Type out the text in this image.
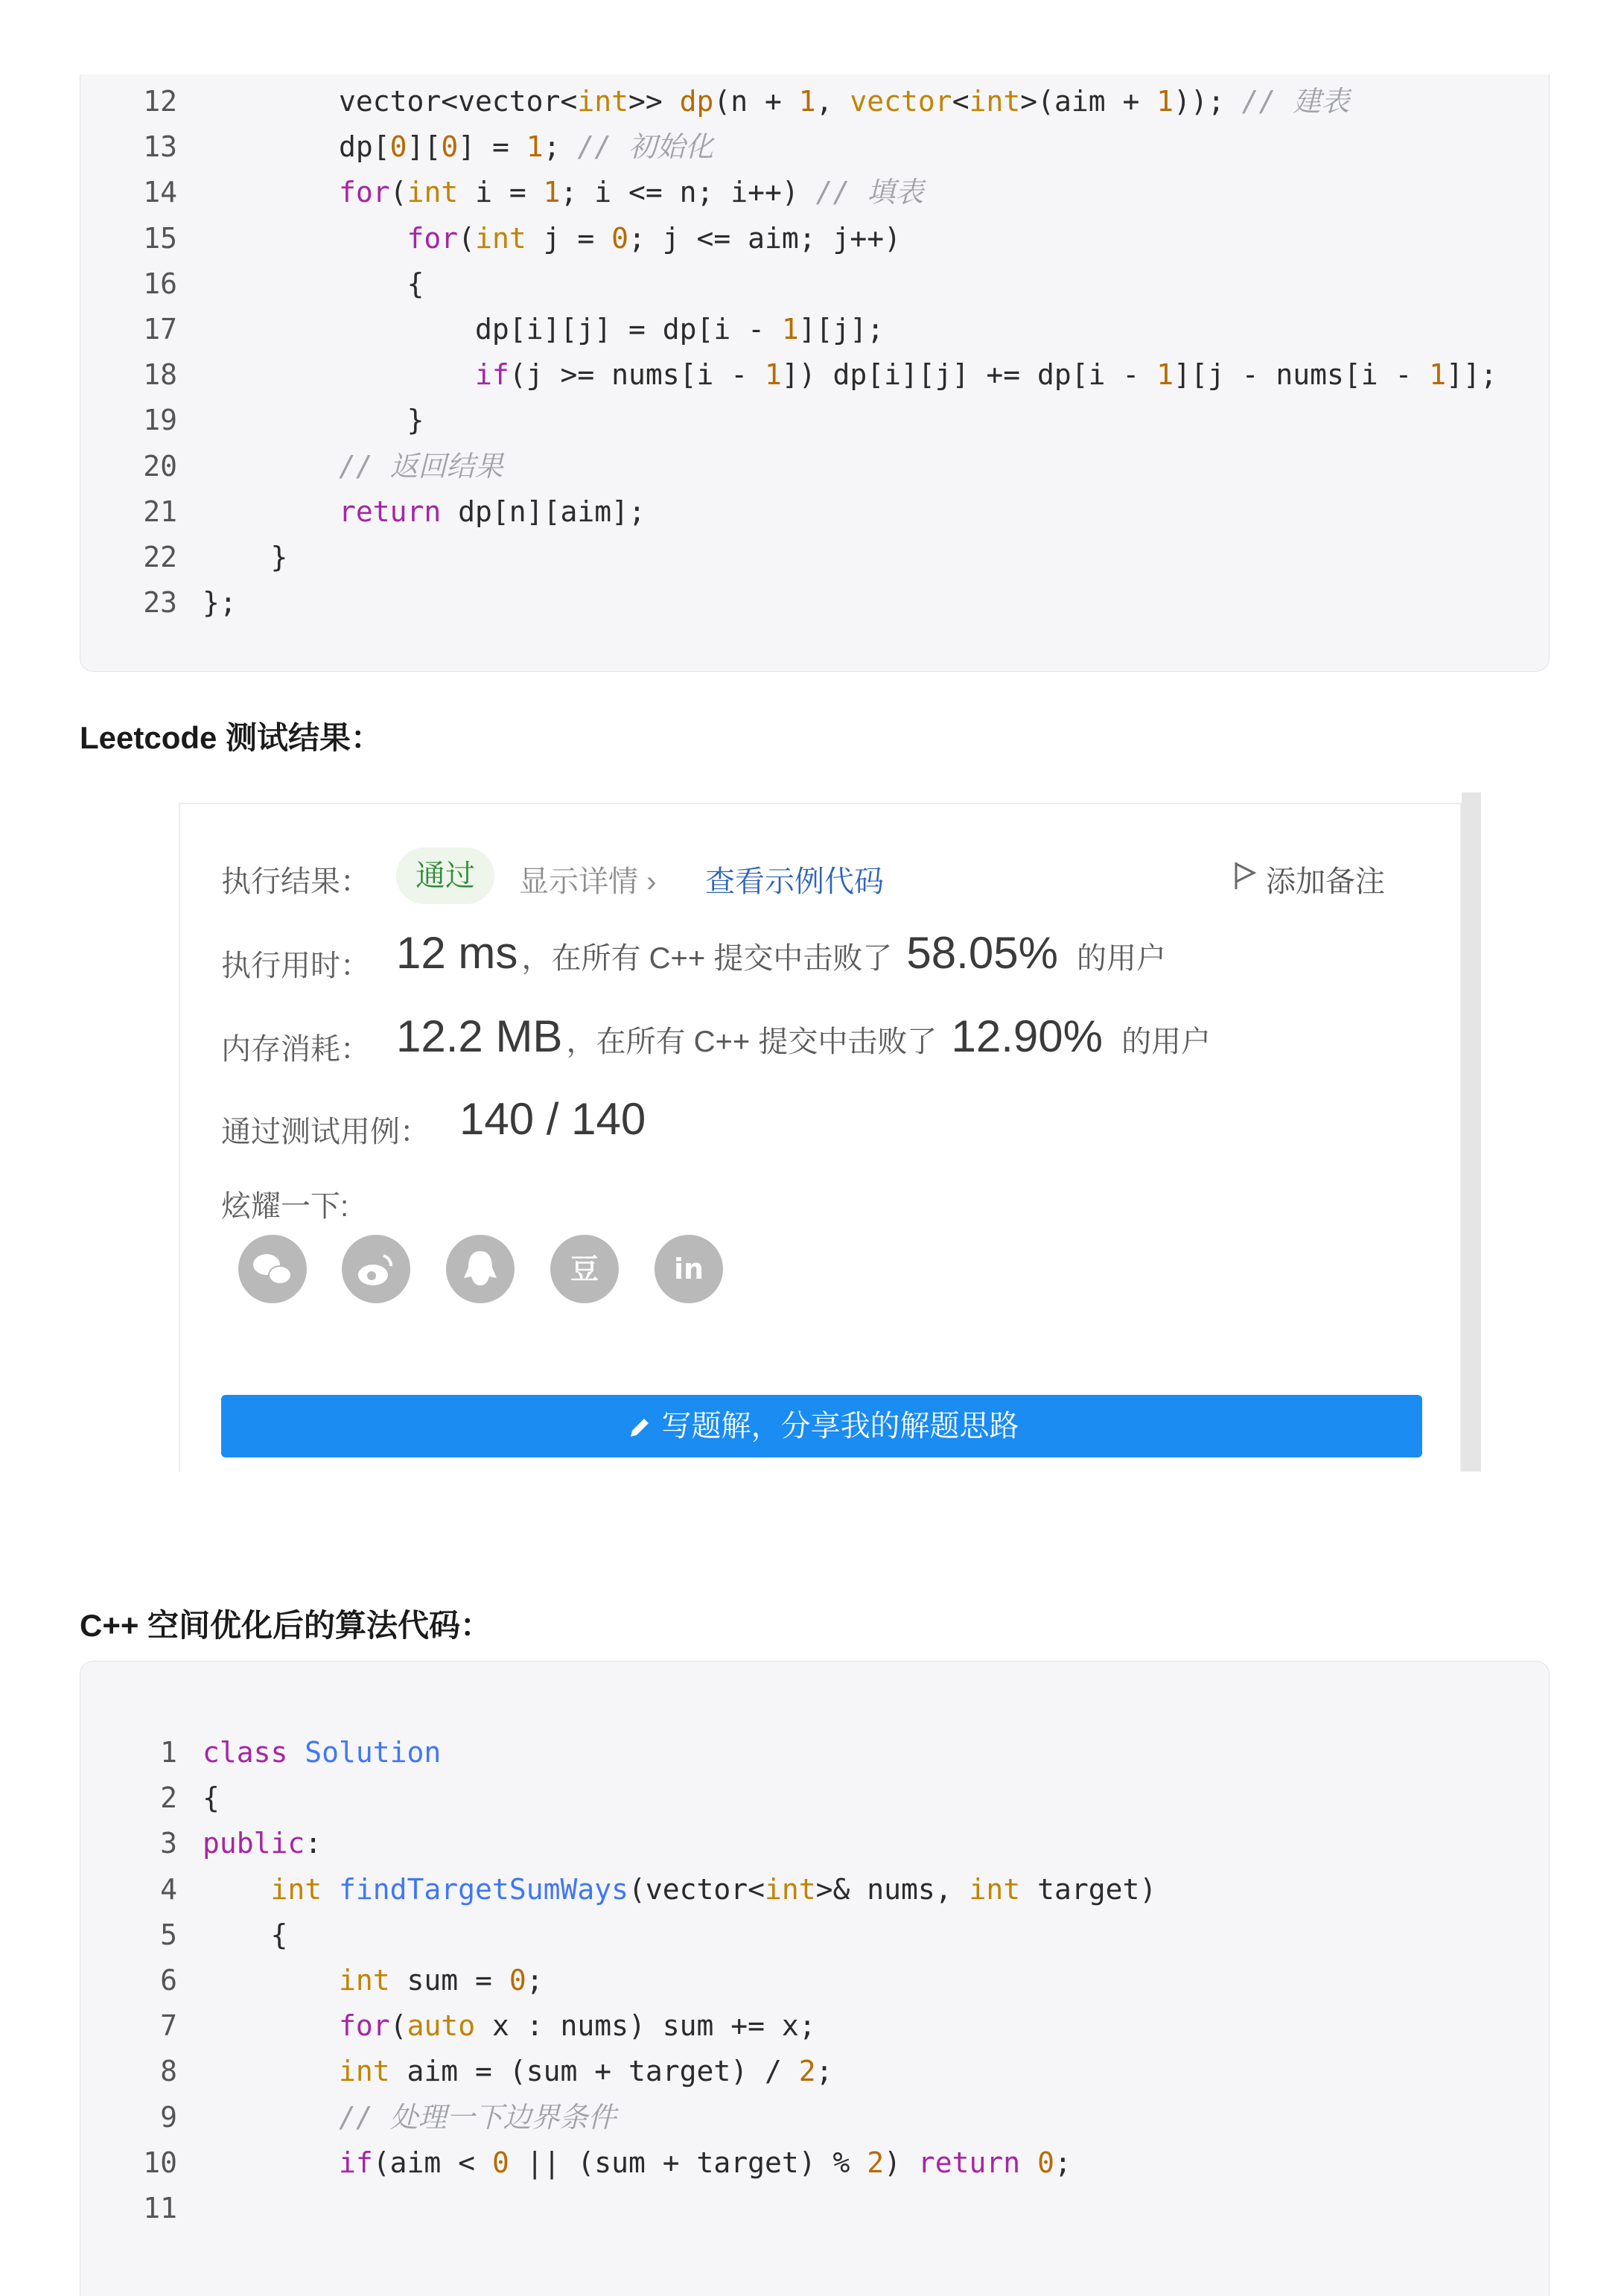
12        vector<vector<int>> dp(n + 1, vector<int>(aim + 1)); // 建表
13        dp[0][0] = 1; // 初始化
14        for(int i = 1; i <= n; i++) // 填表
15            for(int j = 0; j <= aim; j++)
16            {
17                dp[i][j] = dp[i - 1][j];
18                if(j >= nums[i - 1]) dp[i][j] += dp[i - 1][j - nums[i - 1]];
19            }
20        // 返回结果
21        return dp[n][aim];
22    }
23 };
Leetcode 测试结果：
执行结果：	通过	显示详情 › 查看示例代码	添加备注
执行用时： 12 ms ，在所有 C++ 提交中击败了 58.05% 的用户
内存消耗： 12.2 MB ，在所有 C++ 提交中击败了 12.90% 的用户
通过测试用例： 140 / 140
炫耀一下:
豆	in
写题解，分享我的解题思路
C++ 空间优化后的算法代码：
1 class Solution
2 {
3 public:
4    int findTargetSumWays(vector<int>& nums, int target)
5    {
6        int sum = 0;
7        for(auto x : nums) sum += x;
8        int aim = (sum + target) / 2;
9        // 处理一下边界条件
10        if(aim < 0 || (sum + target) % 2) return 0;
11
